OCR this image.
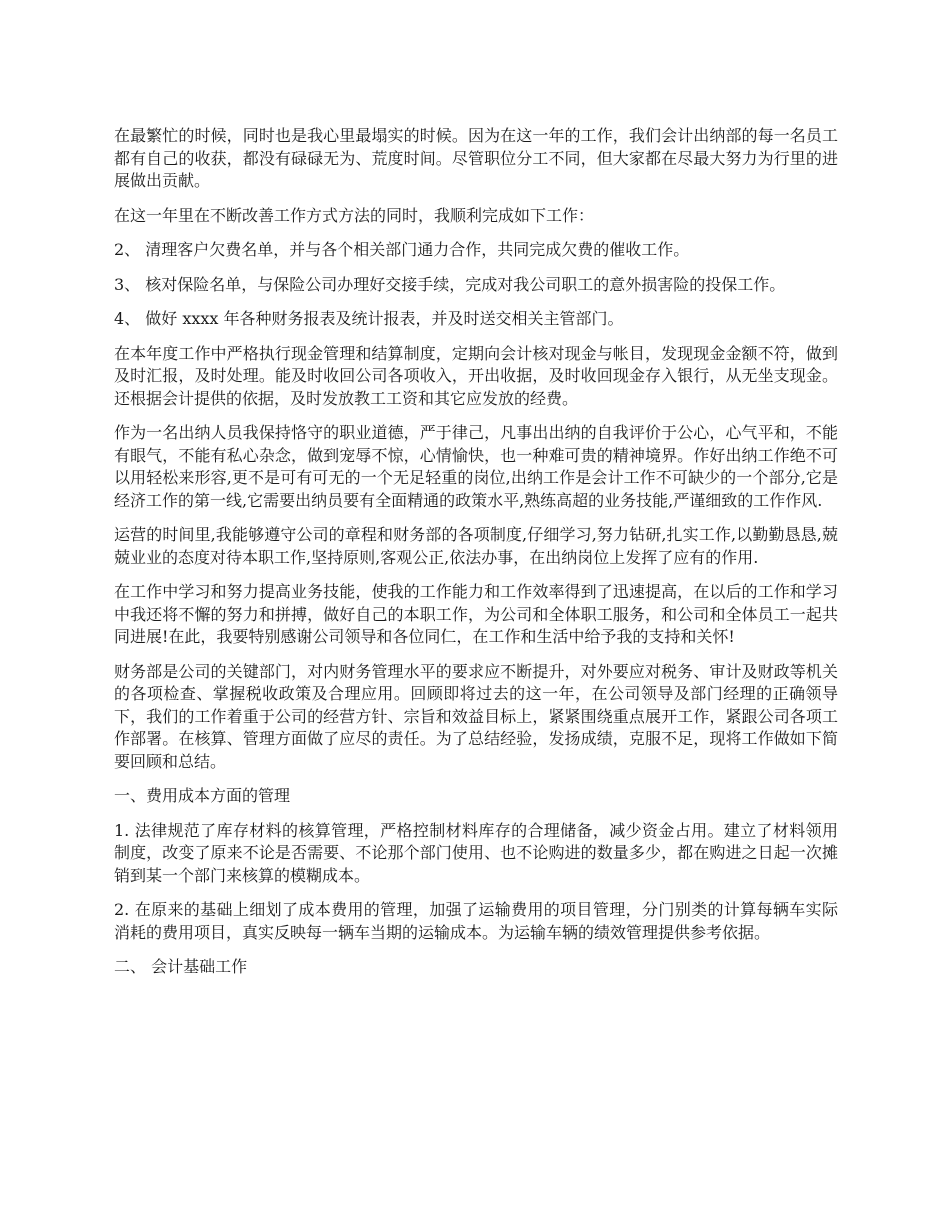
在最繁忙的时候，同时也是我心里最塌实的时候。因为在这一年的工作，我们会计出纳部的每一名员工都有自己的收获，都没有碌碌无为、荒度时间。尽管职位分工不同，但大家都在尽最大努力为行里的进展做出贡献。

在这一年里在不断改善工作方式方法的同时，我顺利完成如下工作：

2、 清理客户欠费名单，并与各个相关部门通力合作，共同完成欠费的催收工作。

3、 核对保险名单，与保险公司办理好交接手续，完成对我公司职工的意外损害险的投保工作。

4、 做好 xxxx 年各种财务报表及统计报表，并及时送交相关主管部门。

在本年度工作中严格执行现金管理和结算制度，定期向会计核对现金与帐目，发现现金金额不符，做到及时汇报，及时处理。能及时收回公司各项收入，开出收据，及时收回现金存入银行，从无坐支现金。还根据会计提供的依据，及时发放教工工资和其它应发放的经费。

作为一名出纳人员我保持恪守的职业道德，严于律己，凡事出出纳的自我评价于公心，心气平和，不能有眼气，不能有私心杂念，做到宠辱不惊，心情愉快，也一种难可贵的精神境界。作好出纳工作绝不可以用轻松来形容,更不是可有可无的一个无足轻重的岗位,出纳工作是会计工作不可缺少的一个部分,它是经济工作的第一线,它需要出纳员要有全面精通的政策水平,熟练高超的业务技能,严谨细致的工作作风.

运营的时间里,我能够遵守公司的章程和财务部的各项制度,仔细学习,努力钻研,扎实工作,以勤勤恳恳,兢兢业业的态度对待本职工作,坚持原则,客观公正,依法办事，在出纳岗位上发挥了应有的作用.

在工作中学习和努力提高业务技能，使我的工作能力和工作效率得到了迅速提高，在以后的工作和学习中我还将不懈的努力和拼搏，做好自己的本职工作，为公司和全体职工服务，和公司和全体员工一起共同进展!在此，我要特别感谢公司领导和各位同仁，在工作和生活中给予我的支持和关怀!

财务部是公司的关键部门，对内财务管理水平的要求应不断提升，对外要应对税务、审计及财政等机关的各项检查、掌握税收政策及合理应用。回顾即将过去的这一年，在公司领导及部门经理的正确领导下，我们的工作着重于公司的经营方针、宗旨和效益目标上，紧紧围绕重点展开工作，紧跟公司各项工作部署。在核算、管理方面做了应尽的责任。为了总结经验，发扬成绩，克服不足，现将工作做如下简要回顾和总结。

一、费用成本方面的管理

1. 法律规范了库存材料的核算管理，严格控制材料库存的合理储备，减少资金占用。建立了材料领用制度，改变了原来不论是否需要、不论那个部门使用、也不论购进的数量多少，都在购进之日起一次摊销到某一个部门来核算的模糊成本。

2. 在原来的基础上细划了成本费用的管理，加强了运输费用的项目管理，分门别类的计算每辆车实际消耗的费用项目，真实反映每一辆车当期的运输成本。为运输车辆的绩效管理提供参考依据。

二、 会计基础工作
